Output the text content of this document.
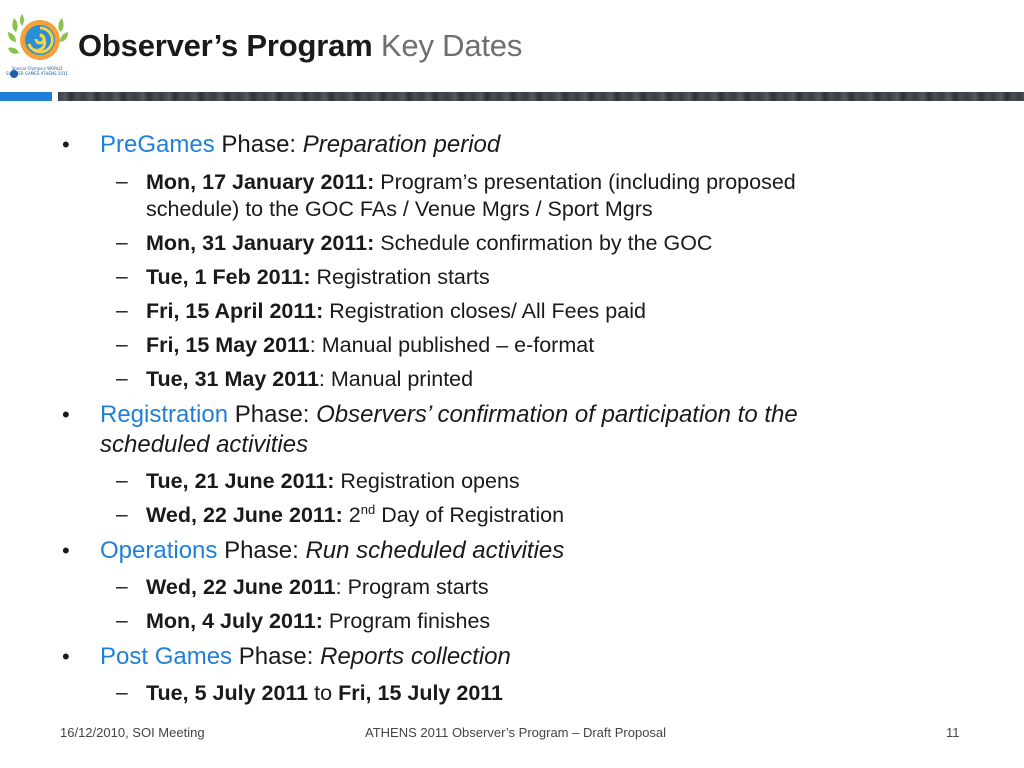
Special Olympics WORLD SUMMER GAMES ATHENS 2011
Observer’s Program Key Dates
• PreGames Phase: Preparation period
– Mon, 17 January 2011: Program’s presentation (including proposed
schedule) to the GOC FAs / Venue Mgrs / Sport Mgrs
– Mon, 31 January 2011: Schedule confirmation by the GOC
– Tue, 1 Feb 2011: Registration starts
– Fri, 15 April 2011: Registration closes/ All Fees paid
– Fri, 15 May 2011: Manual published – e-format
– Tue, 31 May 2011: Manual printed
• Registration Phase: Observers’ confirmation of participation to the
scheduled activities
– Tue, 21 June 2011: Registration opens
– Wed, 22 June 2011: 2nd Day of Registration
• Operations Phase: Run scheduled activities
– Wed, 22 June 2011: Program starts
– Mon, 4 July 2011: Program finishes
• Post Games Phase: Reports collection
– Tue, 5 July 2011 to Fri, 15 July 2011
16/12/2010, SOI Meeting	ATHENS 2011 Observer’s Program – Draft Proposal	11
